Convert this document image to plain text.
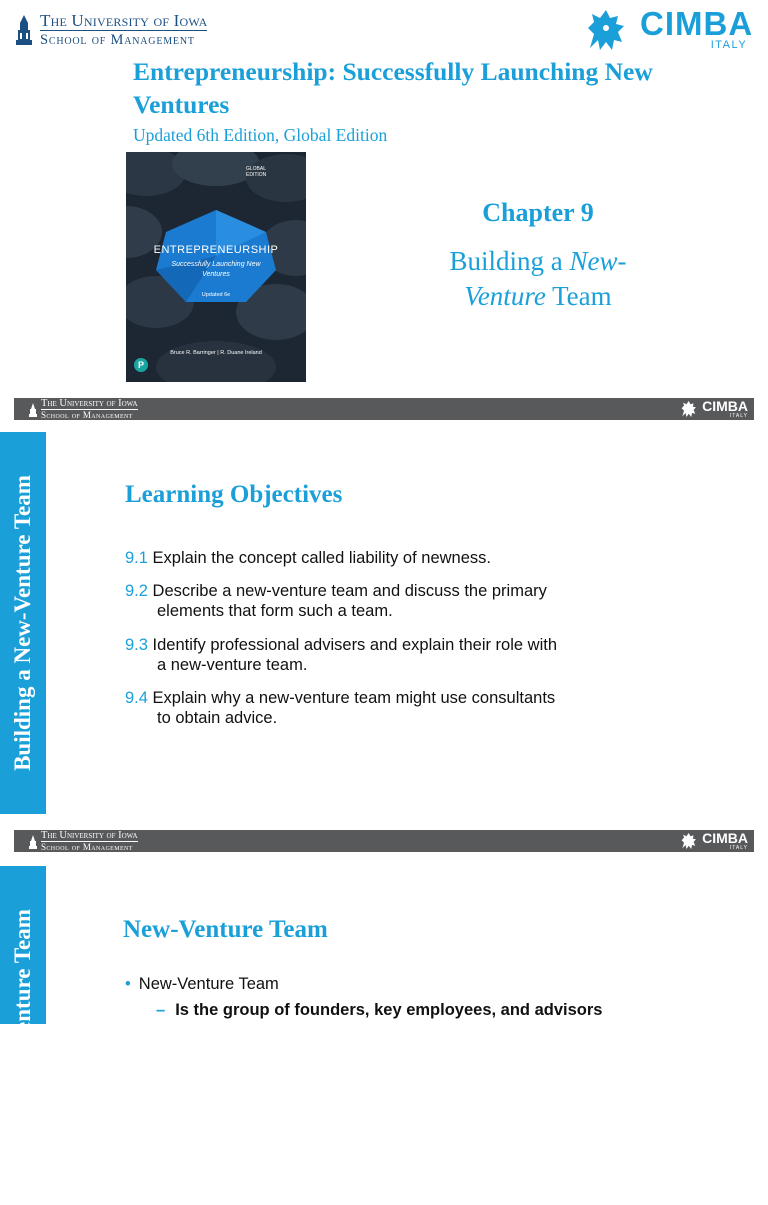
The University of Iowa
School of Management	CIMBA
ITALY
Entrepreneurship: Successfully Launching New Ventures
Updated 6th Edition, Global Edition
GLOBAL EDITION
ENTREPRENEURSHIP
Successfully Launching New Ventures
Updated 6e
Bruce R. Barringer | R. Duane Ireland
P
Chapter 9
Building a New-
Venture Team
The University of Iowa
School of Management
CIMBA
ITALY
Building a New-Venture Team	Learning Objectives
9.1 Explain the concept called liability of newness.
9.2 Describe a new-venture team and discuss the primary
elements that form such a team.
9.3 Identify professional advisers and explain their role with
a new-venture team.
9.4 Explain why a new-venture team might use consultants
to obtain advice.
The University of Iowa
School of Management
CIMBA
ITALY
Building a New-Venture Team	New-Venture Team
• New-Venture Team
– Is the group of founders, key employees, and advisors
